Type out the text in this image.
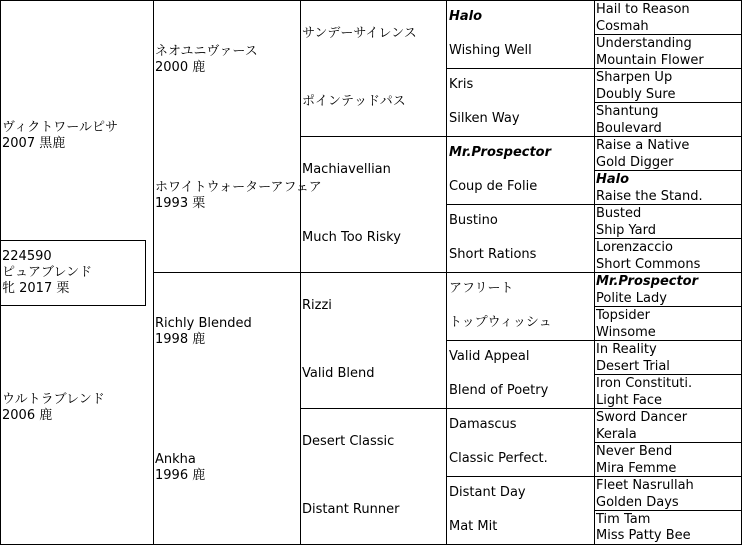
224590
ピュアブレンド
牝 2017 栗
ヴィクトワールピサ
2007 黒鹿
ウルトラブレンド
2006 鹿
ネオユニヴァース
2000 鹿
ホワイトウォーターアフェア
1993 栗
Richly Blended
1998 鹿
Ankha
1996 鹿
サンデーサイレンス
ポインテッドパス
Machiavellian
Much Too Risky
Rizzi
Valid Blend
Desert Classic
Distant Runner
Halo
Wishing Well
Kris
Silken Way
Mr.Prospector
Coup de Folie
Bustino
Short Rations
アフリート
トップウィッシュ
Valid Appeal
Blend of Poetry
Damascus
Classic Perfect.
Distant Day
Mat Mit
Hail to Reason
Cosmah
Understanding
Mountain Flower
Sharpen Up
Doubly Sure
Shantung
Boulevard
Raise a Native
Gold Digger
Halo
Raise the Stand.
Busted
Ship Yard
Lorenzaccio
Short Commons
Mr.Prospector
Polite Lady
Topsider
Winsome
In Reality
Desert Trial
Iron Constituti.
Light Face
Sword Dancer
Kerala
Never Bend
Mira Femme
Fleet Nasrullah
Golden Days
Tim Tam
Miss Patty Bee
